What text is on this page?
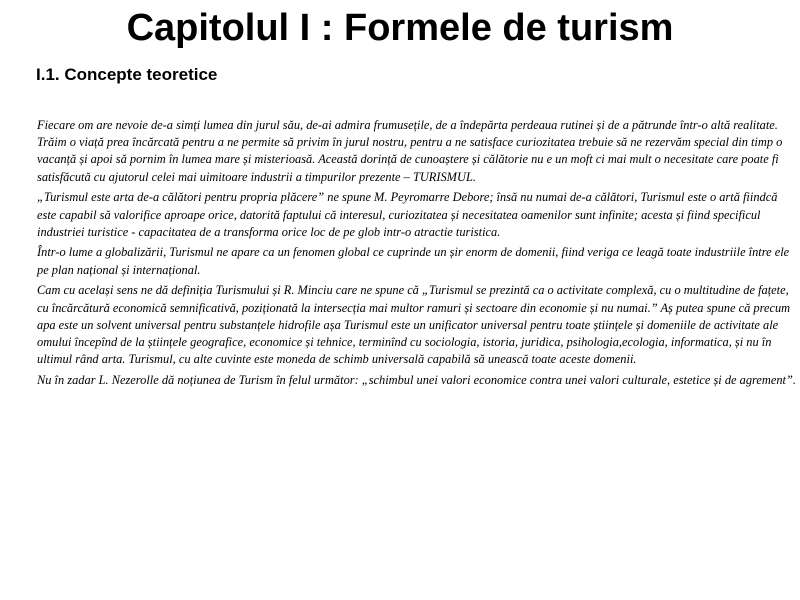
Capitolul I : Formele de turism
I.1. Concepte teoretice

Fiecare om are nevoie de-a simți lumea din jurul său, de-ai admira frumusețile, de a îndepărta perdeaua rutinei și de a pătrunde într-o altă realitate. Trăim o viață prea încărcată pentru a ne permite să privim în jurul nostru, pentru a ne satisface curiozitatea trebuie să ne rezervăm special din timp o vacanță și apoi să pornim în lumea mare și misterioasă. Această dorință de cunoaștere și călătorie nu e un moft ci mai mult o necesitate care poate fi satisfăcută cu ajutorul celei mai uimitoare industrii a timpurilor prezente – TURISMUL.

„Turismul este arta de-a călători pentru propria plăcere” ne spune M. Peyromarre Debore; însă nu numai de-a călători, Turismul este o artă fiindcă este capabil să valorifice aproape orice, datorită faptului că interesul, curiozitatea și necesitatea oamenilor sunt infinite; acesta și fiind specificul industriei turistice - capacitatea de a transforma orice loc de pe glob intr-o atractie turistica.

Într-o lume a globalizării, Turismul ne apare ca un fenomen global ce cuprinde un șir enorm de domenii, fiind veriga ce leagă toate industriile între ele pe plan național și internațional.

Cam cu același sens ne dă definiția Turismului și R. Minciu care ne spune că „Turismul se prezintă ca o activitate complexă, cu o multitudine de fațete, cu încărcătură economică semnificativă, poziționată la intersecția mai multor ramuri și sectoare din economie și nu numai.” Aș putea spune că precum apa este un solvent universal pentru substanțele hidrofile așa Turismul este un unificator universal pentru toate științele și domeniile de activitate ale omului începînd de la științele geografice, economice și tehnice, terminînd cu sociologia, istoria, juridica, psihologia,ecologia, informatica, și nu în ultimul rând arta. Turismul, cu alte cuvinte este moneda de schimb universală capabilă să unească toate aceste domenii.

Nu în zadar L. Nezerolle dă noțiunea de Turism în felul următor: „schimbul unei valori economice contra unei valori culturale, estetice și de agrement”.
